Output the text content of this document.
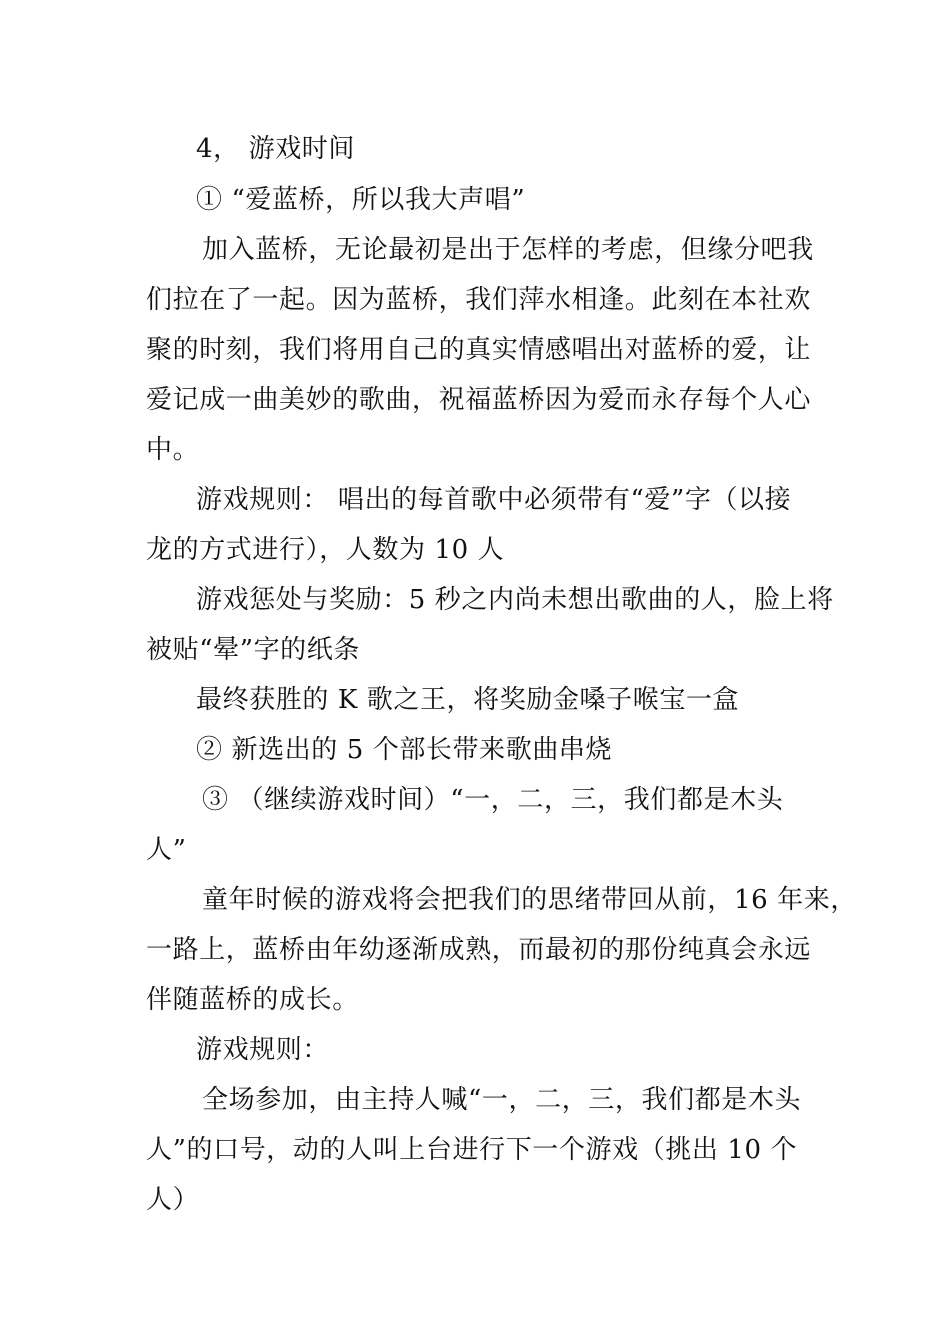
4， 游戏时间
① “爱蓝桥，所以我大声唱”
加入蓝桥，无论最初是出于怎样的考虑，但缘分吧我
们拉在了一起。因为蓝桥，我们萍水相逢。此刻在本社欢
聚的时刻，我们将用自己的真实情感唱出对蓝桥的爱，让
爱记成一曲美妙的歌曲，祝福蓝桥因为爱而永存每个人心
中。
游戏规则： 唱出的每首歌中必须带有“爱”字（以接
龙的方式进行），人数为 10 人
游戏惩处与奖励：5 秒之内尚未想出歌曲的人，脸上将
被贴“晕”字的纸条
最终获胜的 K 歌之王，将奖励金嗓子喉宝一盒
② 新选出的 5 个部长带来歌曲串烧
③ （继续游戏时间）“一，二，三，我们都是木头
人”
童年时候的游戏将会把我们的思绪带回从前，16 年来，
一路上，蓝桥由年幼逐渐成熟，而最初的那份纯真会永远
伴随蓝桥的成长。
游戏规则：
全场参加，由主持人喊“一，二，三，我们都是木头
人”的口号，动的人叫上台进行下一个游戏（挑出 10 个
人）
